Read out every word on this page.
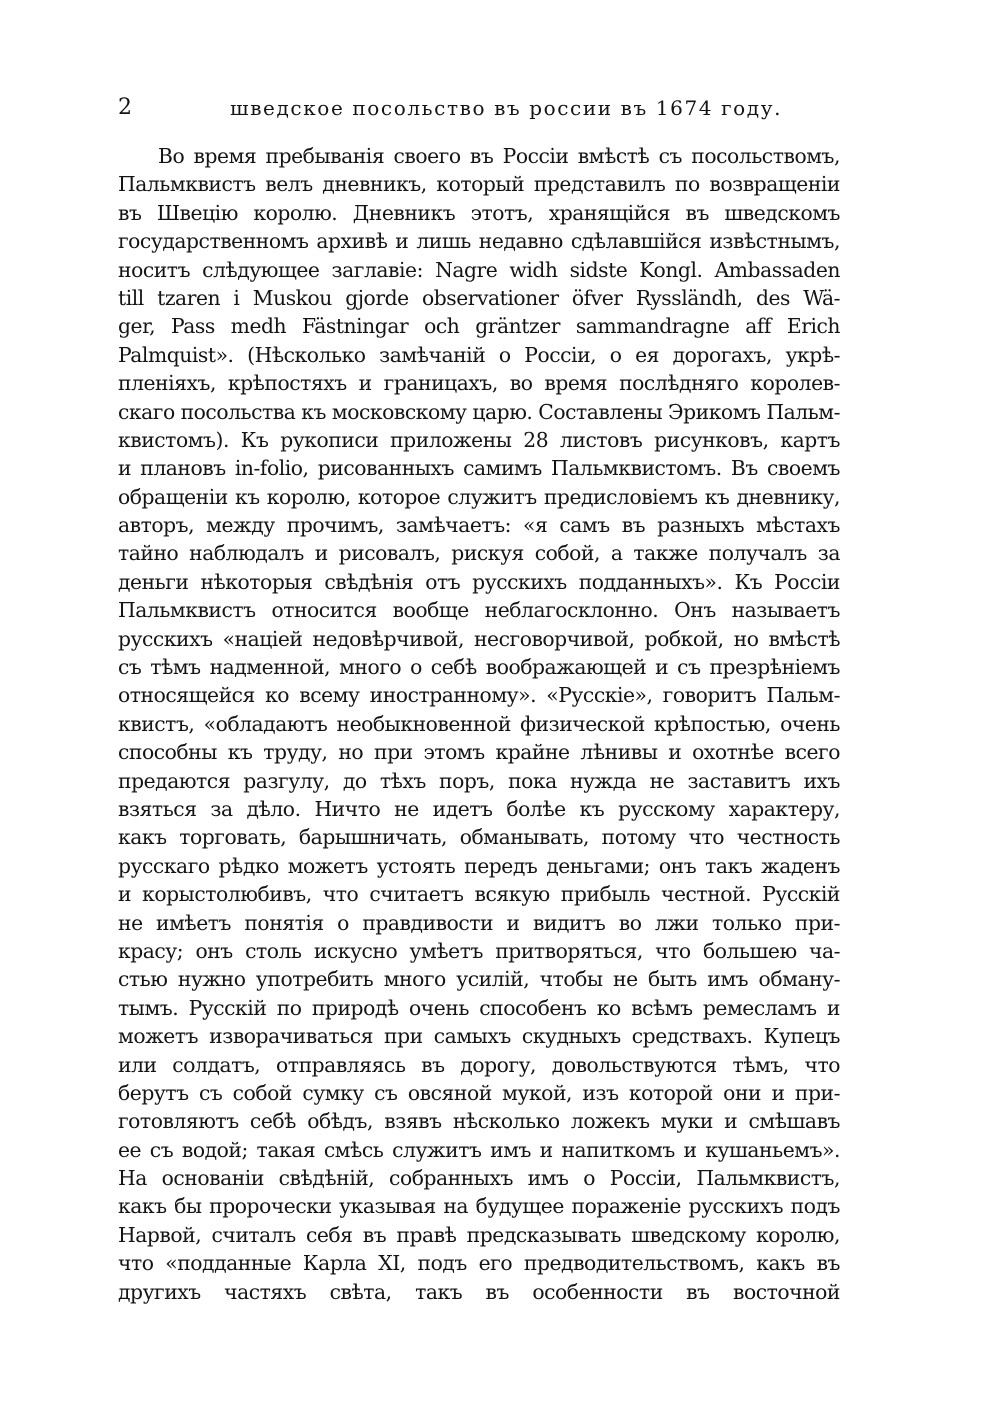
2	шведское посольство въ россии въ 1674 году.
Во время пребыванія своего въ Россіи вмѣстѣ съ посольствомъ,
Пальмквистъ велъ дневникъ, который представилъ по возвращеніи
въ Швецію королю. Дневникъ этотъ, хранящійся въ шведскомъ
государственномъ архивѣ и лишь недавно сдѣлавшійся извѣстнымъ,
носитъ слѣдующее заглавіе: Nagre widh sidste Kongl. Ambassaden
till tzaren i Muskou gjorde observationer öfver Ryssländh, des Wä-
ger, Pass medh Fästningar och gräntzer sammandragne aff Erich
Palmquist». (Нѣсколько замѣчаній о Россіи, о ея дорогахъ, укрѣ-
пленіяхъ, крѣпостяхъ и границахъ, во время послѣдняго королев-
скаго посольства къ московскому царю. Составлены Эрикомъ Пальм-
квистомъ). Къ рукописи приложены 28 листовъ рисунковъ, картъ
и плановъ in-folio, рисованныхъ самимъ Пальмквистомъ. Въ своемъ
обращеніи къ королю, которое служитъ предисловіемъ къ дневнику,
авторъ, между прочимъ, замѣчаетъ: «я самъ въ разныхъ мѣстахъ
тайно наблюдалъ и рисовалъ, рискуя собой, а также получалъ за
деньги нѣкоторыя свѣдѣнія отъ русскихъ подданныхъ». Къ Россіи
Пальмквистъ относится вообще неблагосклонно. Онъ называетъ
русскихъ «націей недовѣрчивой, несговорчивой, робкой, но вмѣстѣ
съ тѣмъ надменной, много о себѣ воображающей и съ презрѣніемъ
относящейся ко всему иностранному». «Русскіе», говоритъ Пальм-
квистъ, «обладаютъ необыкновенной физической крѣпостью, очень
способны къ труду, но при этомъ крайне лѣнивы и охотнѣе всего
предаются разгулу, до тѣхъ поръ, пока нужда не заставитъ ихъ
взяться за дѣло. Ничто не идетъ болѣе къ русскому характеру,
какъ торговать, барышничать, обманывать, потому что честность
русскаго рѣдко можетъ устоять передъ деньгами; онъ такъ жаденъ
и корыстолюбивъ, что считаетъ всякую прибыль честной. Русскій
не имѣетъ понятія о правдивости и видитъ во лжи только при-
красу; онъ столь искусно умѣетъ притворяться, что большею ча-
стью нужно употребить много усилій, чтобы не быть имъ обману-
тымъ. Русскій по природѣ очень способенъ ко всѣмъ ремесламъ и
можетъ изворачиваться при самыхъ скудныхъ средствахъ. Купецъ
или солдатъ, отправляясь въ дорогу, довольствуются тѣмъ, что
берутъ съ собой сумку съ овсяной мукой, изъ которой они и при-
готовляютъ себѣ обѣдъ, взявъ нѣсколько ложекъ муки и смѣшавъ
ее съ водой; такая смѣсь служитъ имъ и напиткомъ и кушаньемъ».
На основаніи свѣдѣній, собранныхъ имъ о Россіи, Пальмквистъ,
какъ бы пророчески указывая на будущее пораженіе русскихъ подъ
Нарвой, считалъ себя въ правѣ предсказывать шведскому королю,
что «подданные Карла XI, подъ его предводительствомъ, какъ въ
другихъ частяхъ свѣта, такъ въ особенности въ восточной
